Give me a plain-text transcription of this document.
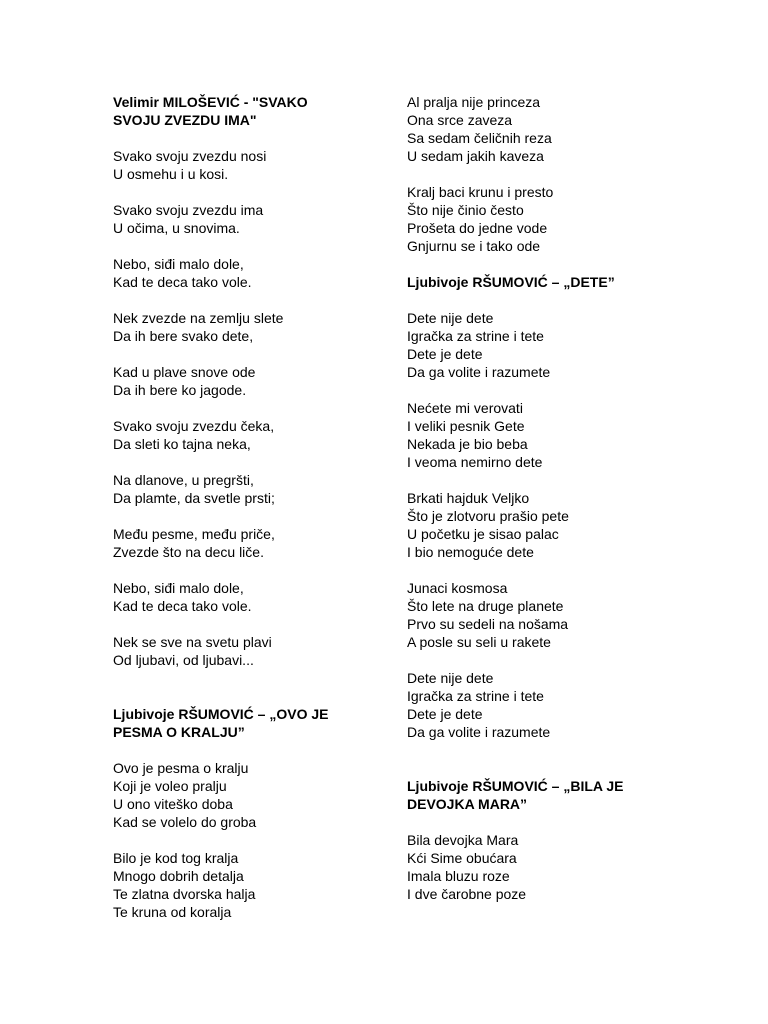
Velimir MILOŠEVIĆ - "SVAKO
SVOJU ZVEZDU IMA"

Svako svoju zvezdu nosi
U osmehu i u kosi.
Svako svoju zvezdu ima
U očima, u snovima.
Nebo, siđi malo dole,
Kad te deca tako vole.
Nek zvezde na zemlju slete
Da ih bere svako dete,
Kad u plave snove ode
Da ih bere ko jagode.
Svako svoju zvezdu čeka,
Da sleti ko tajna neka,
Na dlanove, u pregršti,
Da plamte, da svetle prsti;
Među pesme, među priče,
Zvezde što na decu liče.
Nebo, siđi malo dole,
Kad te deca tako vole.
Nek se sve na svetu plavi
Od ljubavi, od ljubavi...

Ljubivoje RŠUMOVIĆ – „OVO JE
PESMA O KRALJU”

Ovo je pesma o kralju
Koji je voleo pralju
U ono viteško doba
Kad se volelo do groba
Bilo je kod tog kralja
Mnogo dobrih detalja
Te zlatna dvorska halja
Te kruna od koralja
Al pralja nije princeza
Ona srce zaveza
Sa sedam čeličnih reza
U sedam jakih kaveza
Kralj baci krunu i presto
Što nije činio često
Prošeta do jedne vode
Gnjurnu se i tako ode

Ljubivoje RŠUMOVIĆ – „DETE”

Dete nije dete
Igračka za strine i tete
Dete je dete
Da ga volite i razumete
Nećete mi verovati
I veliki pesnik Gete
Nekada je bio beba
I veoma nemirno dete
Brkati hajduk Veljko
Što je zlotvoru prašio pete
U početku je sisao palac
I bio nemoguće dete
Junaci kosmosa
Što lete na druge planete
Prvo su sedeli na nošama
A posle su seli u rakete
Dete nije dete
Igračka za strine i tete
Dete je dete
Da ga volite i razumete

Ljubivoje RŠUMOVIĆ – „BILA JE
DEVOJKA MARA”

Bila devojka Mara
Kći Sime obućara
Imala bluzu roze
I dve čarobne poze
